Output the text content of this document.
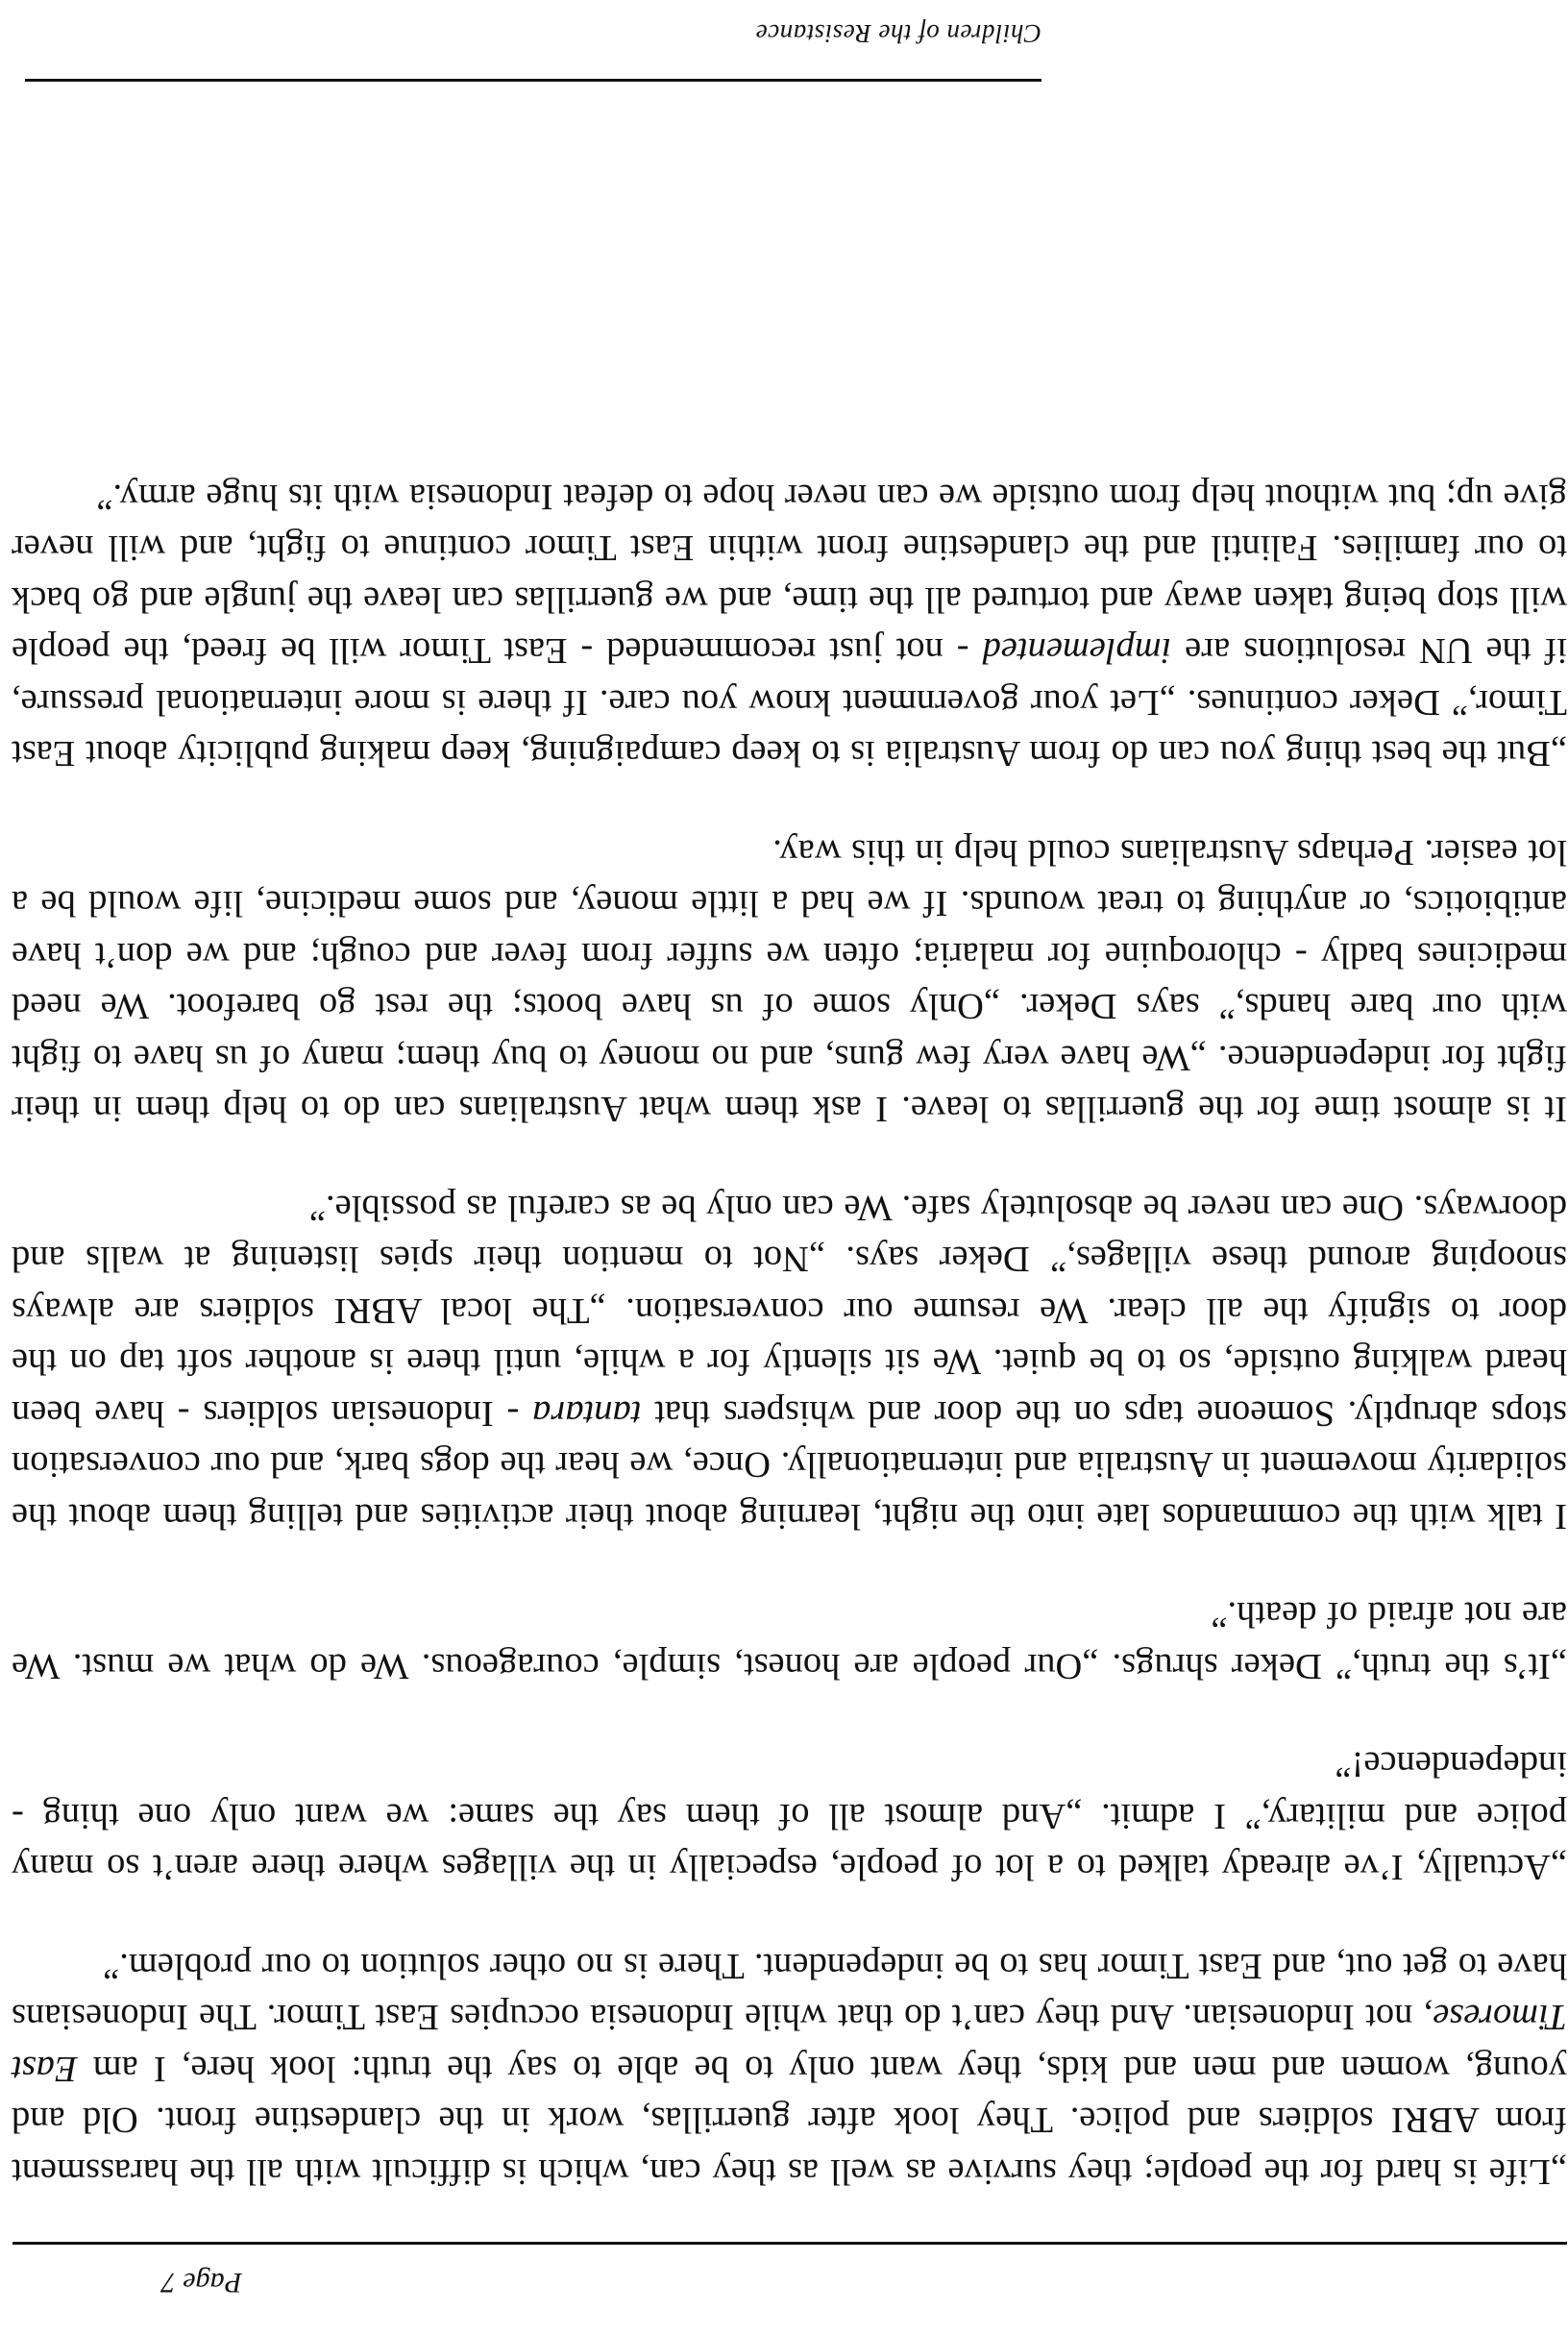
Children of the Resistance

„Life is hard for the people; they survive as well as they can, which is difficult with all the harassment from ABRI soldiers and police. They look after guerrillas, work in the clandestine front. Old and young, women and men and kids, they want only to be able to say the truth: look here, I am East Timorese, not Indonesian. And they can’t do that while Indonesia occupies East Timor. The Indonesians have to get out, and East Timor has to be independent. There is no other solution to our problem.”

„Actually, I’ve already talked to a lot of people, especially in the villages where there aren’t so many police and military,” I admit. „And almost all of them say the same: we want only one thing - independence!”

„It’s the truth,” Deker shrugs. „Our people are honest, simple, courageous. We do what we must. We are not afraid of death.”

I talk with the commandos late into the night, learning about their activities and telling them about the solidarity movement in Australia and internationally. Once, we hear the dogs bark, and our conversation stops abruptly. Someone taps on the door and whispers that tantara - Indonesian soldiers - have been heard walking outside, so to be quiet. We sit silently for a while, until there is another soft tap on the door to signify the all clear. We resume our conversation. „The local ABRI soldiers are always snooping around these villages,” Deker says. „Not to mention their spies listening at walls and doorways. One can never be absolutely safe. We can only be as careful as possible.”

It is almost time for the guerrillas to leave. I ask them what Australians can do to help them in their fight for independence. „We have very few guns, and no money to buy them; many of us have to fight with our bare hands,” says Deker. „Only some of us have boots; the rest go barefoot. We need medicines badly - chloroquine for malaria; often we suffer from fever and cough; and we don’t have antibiotics, or anything to treat wounds. If we had a little money, and some medicine, life would be a lot easier. Perhaps Australians could help in this way.

„But the best thing you can do from Australia is to keep campaigning, keep making publicity about East Timor,” Deker continues. „Let your government know you care. If there is more international pressure, if the UN resolutions are implemented - not just recommended - East Timor will be freed, the people will stop being taken away and tortured all the time, and we guerrillas can leave the jungle and go back to our families. Falintil and the clandestine front within East Timor continue to fight, and will never give up; but without help from outside we can never hope to defeat Indonesia with its huge army.”

Page 7
